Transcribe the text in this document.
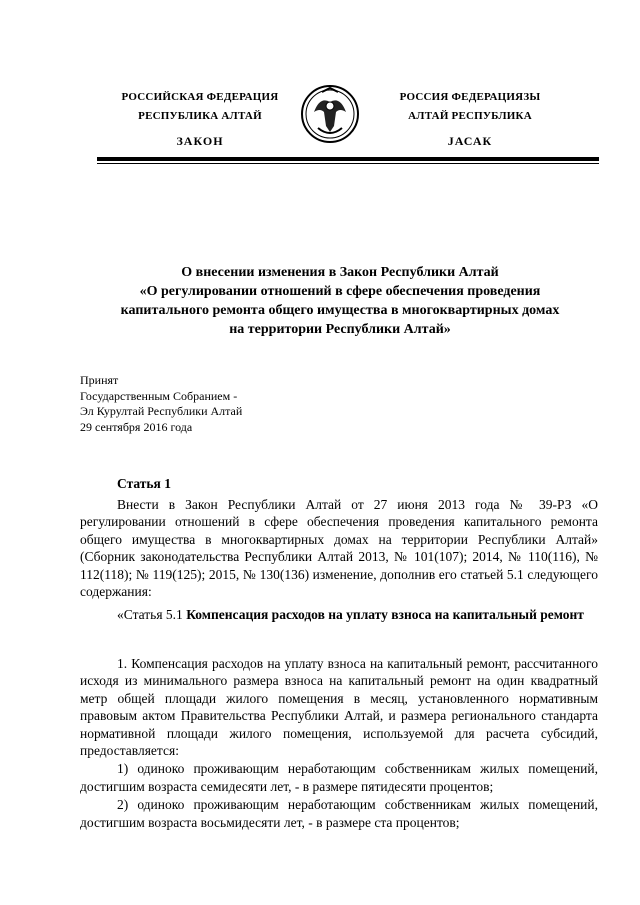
РОССИЙСКАЯ ФЕДЕРАЦИЯ
РЕСПУБЛИКА АЛТАЙ
ЗАКОН
РОССИЯ ФЕДЕРАЦИЯЗЫ
АЛТАЙ РЕСПУБЛИКА
JАСАК
О внесении изменения в Закон Республики Алтай
«О регулировании отношений в сфере обеспечения проведения
капитального ремонта общего имущества в многоквартирных домах
на территории Республики Алтай»
Принят
Государственным Собранием -
Эл Курултай Республики Алтай
29 сентября 2016 года
Статья 1

Внести в Закон Республики Алтай от 27 июня 2013 года № 39-РЗ «О регулировании отношений в сфере обеспечения проведения капитального ремонта общего имущества в многоквартирных домах на территории Республики Алтай» (Сборник законодательства Республики Алтай 2013, № 101(107); 2014, № 110(116), № 112(118); № 119(125); 2015, № 130(136) изменение, дополнив его статьей 5.1 следующего содержания:

«Статья 5.1 Компенсация расходов на уплату взноса на капитальный ремонт

1. Компенсация расходов на уплату взноса на капитальный ремонт, рассчитанного исходя из минимального размера взноса на капитальный ремонт на один квадратный метр общей площади жилого помещения в месяц, установленного нормативным правовым актом Правительства Республики Алтай, и размера регионального стандарта нормативной площади жилого помещения, используемой для расчета субсидий, предоставляется:

1) одиноко проживающим неработающим собственникам жилых помещений, достигшим возраста семидесяти лет, - в размере пятидесяти процентов;

2) одиноко проживающим неработающим собственникам жилых помещений, достигшим возраста восьмидесяти лет, - в размере ста процентов;
